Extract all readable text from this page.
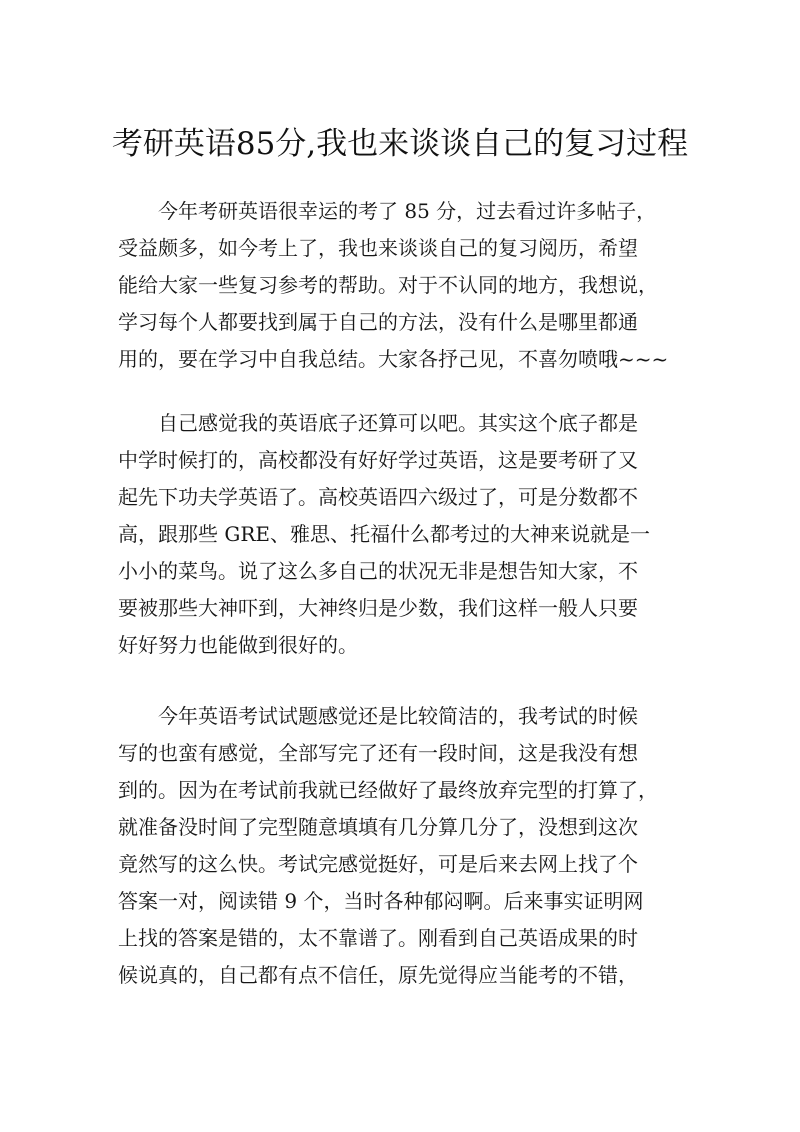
考研英语85分,我也来谈谈自己的复习过程
今年考研英语很幸运的考了 85 分，过去看过许多帖子，
受益颇多，如今考上了，我也来谈谈自己的复习阅历，希望
能给大家一些复习参考的帮助。对于不认同的地方，我想说，
学习每个人都要找到属于自己的方法，没有什么是哪里都通
用的，要在学习中自我总结。大家各抒己见，不喜勿喷哦~~~
自己感觉我的英语底子还算可以吧。其实这个底子都是
中学时候打的，高校都没有好好学过英语，这是要考研了又
起先下功夫学英语了。高校英语四六级过了，可是分数都不
高，跟那些 GRE、雅思、托福什么都考过的大神来说就是一
小小的菜鸟。说了这么多自己的状况无非是想告知大家，不
要被那些大神吓到，大神终归是少数，我们这样一般人只要
好好努力也能做到很好的。
今年英语考试试题感觉还是比较简洁的，我考试的时候
写的也蛮有感觉，全部写完了还有一段时间，这是我没有想
到的。因为在考试前我就已经做好了最终放弃完型的打算了，
就准备没时间了完型随意填填有几分算几分了，没想到这次
竟然写的这么快。考试完感觉挺好，可是后来去网上找了个
答案一对，阅读错 9 个，当时各种郁闷啊。后来事实证明网
上找的答案是错的，太不靠谱了。刚看到自己英语成果的时
候说真的，自己都有点不信任，原先觉得应当能考的不错，
